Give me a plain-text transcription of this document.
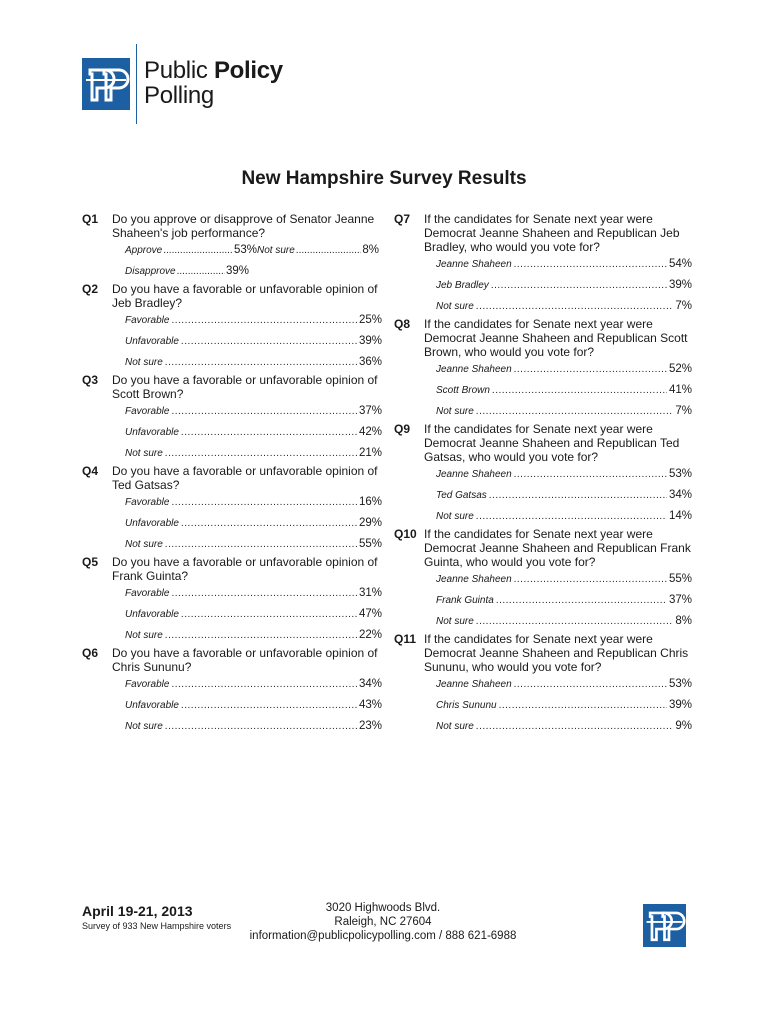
Public Policy
Polling
New Hampshire Survey Results
Q1 Do you approve or disapprove of Senator Jeanne Shaheen's job performance?
Approve .....	53% Not sure .....	8%
Disapprove .....	39%
Q2 Do you have a favorable or unfavorable opinion of Jeb Bradley?
Favorable .....	25%
Unfavorable .....	39%
Not sure .....	36%
Q3 Do you have a favorable or unfavorable opinion of Scott Brown?
Favorable .....	37%
Unfavorable .....	42%
Not sure .....	21%
Q4 Do you have a favorable or unfavorable opinion of Ted Gatsas?
Favorable .....	16%
Unfavorable .....	29%
Not sure .....	55%
Q5 Do you have a favorable or unfavorable opinion of Frank Guinta?
Favorable .....	31%
Unfavorable .....	47%
Not sure .....	22%
Q6 Do you have a favorable or unfavorable opinion of Chris Sununu?
Favorable .....	34%
Unfavorable .....	43%
Not sure .....	23%
Q7 If the candidates for Senate next year were Democrat Jeanne Shaheen and Republican Jeb Bradley, who would you vote for?
Jeanne Shaheen .....	54%
Jeb Bradley .....	39%
Not sure .....	7%
Q8 If the candidates for Senate next year were Democrat Jeanne Shaheen and Republican Scott Brown, who would you vote for?
Jeanne Shaheen .....	52%
Scott Brown .....	41%
Not sure .....	7%
Q9 If the candidates for Senate next year were Democrat Jeanne Shaheen and Republican Ted Gatsas, who would you vote for?
Jeanne Shaheen .....	53%
Ted Gatsas .....	34%
Not sure .....	14%
Q10 If the candidates for Senate next year were Democrat Jeanne Shaheen and Republican Frank Guinta, who would you vote for?
Jeanne Shaheen .....	55%
Frank Guinta .....	37%
Not sure .....	8%
Q11 If the candidates for Senate next year were Democrat Jeanne Shaheen and Republican Chris Sununu, who would you vote for?
Jeanne Shaheen .....	53%
Chris Sununu .....	39%
Not sure .....	9%
April 19-21, 2013
Survey of 933 New Hampshire voters
3020 Highwoods Blvd.
Raleigh, NC 27604
information@publicpolicypolling.com / 888 621-6988
